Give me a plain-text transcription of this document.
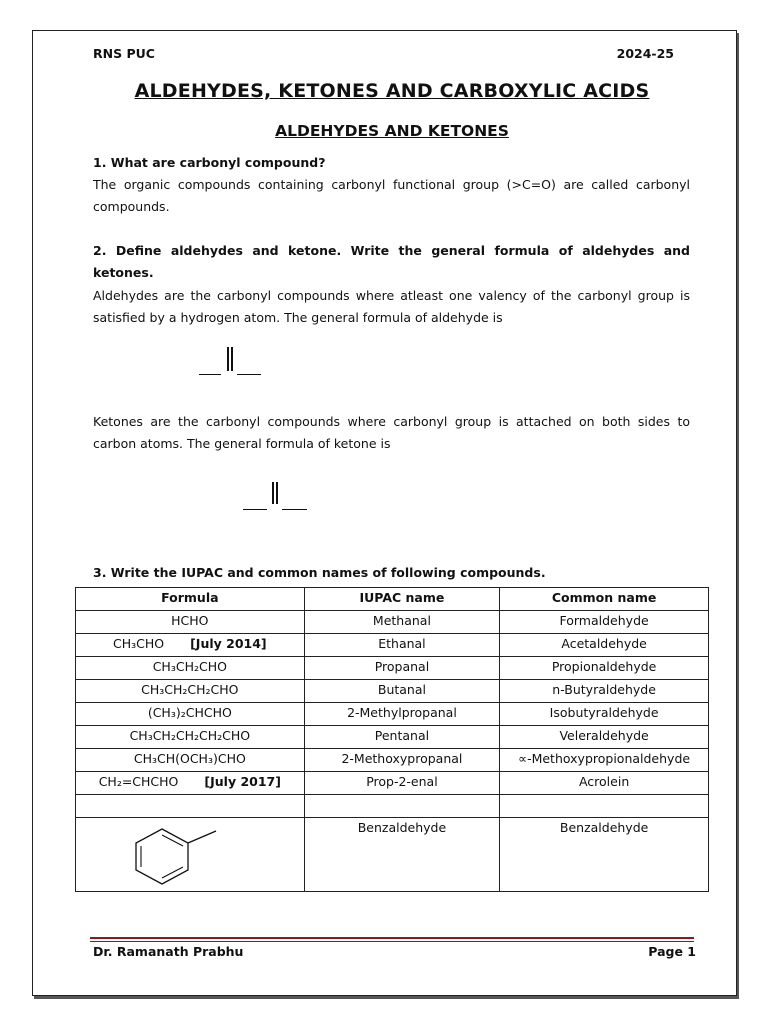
RNS PUC	2024-25
ALDEHYDES, KETONES AND CARBOXYLIC ACIDS
ALDEHYDES AND KETONES
1. What are carbonyl compound?
The organic compounds containing carbonyl functional group (>C=O) are called carbonyl compounds.
2. Define aldehydes and ketone. Write the general formula of aldehydes and ketones.
Aldehydes are the carbonyl compounds where atleast one valency of the carbonyl group is satisfied by a hydrogen atom. The general formula of aldehyde is
Ketones are the carbonyl compounds where carbonyl group is attached on both sides to carbon atoms. The general formula of ketone is
3. Write the IUPAC and common names of following compounds.
Formula	IUPAC name	Common name
HCHO	Methanal	Formaldehyde
CH₃CHO [July 2014]	Ethanal	Acetaldehyde
CH₃CH₂CHO	Propanal	Propionaldehyde
CH₃CH₂CH₂CHO	Butanal	n-Butyraldehyde
(CH₃)₂CHCHO	2-Methylpropanal	Isobutyraldehyde
CH₃CH₂CH₂CH₂CHO	Pentanal	Veleraldehyde
CH₃CH(OCH₃)CHO	2-Methoxypropanal	∝-Methoxypropionaldehyde
CH₂=CHCHO [July 2017]	Prop-2-enal	Acrolein

	Benzaldehyde	Benzaldehyde
Dr. Ramanath Prabhu	Page 1
